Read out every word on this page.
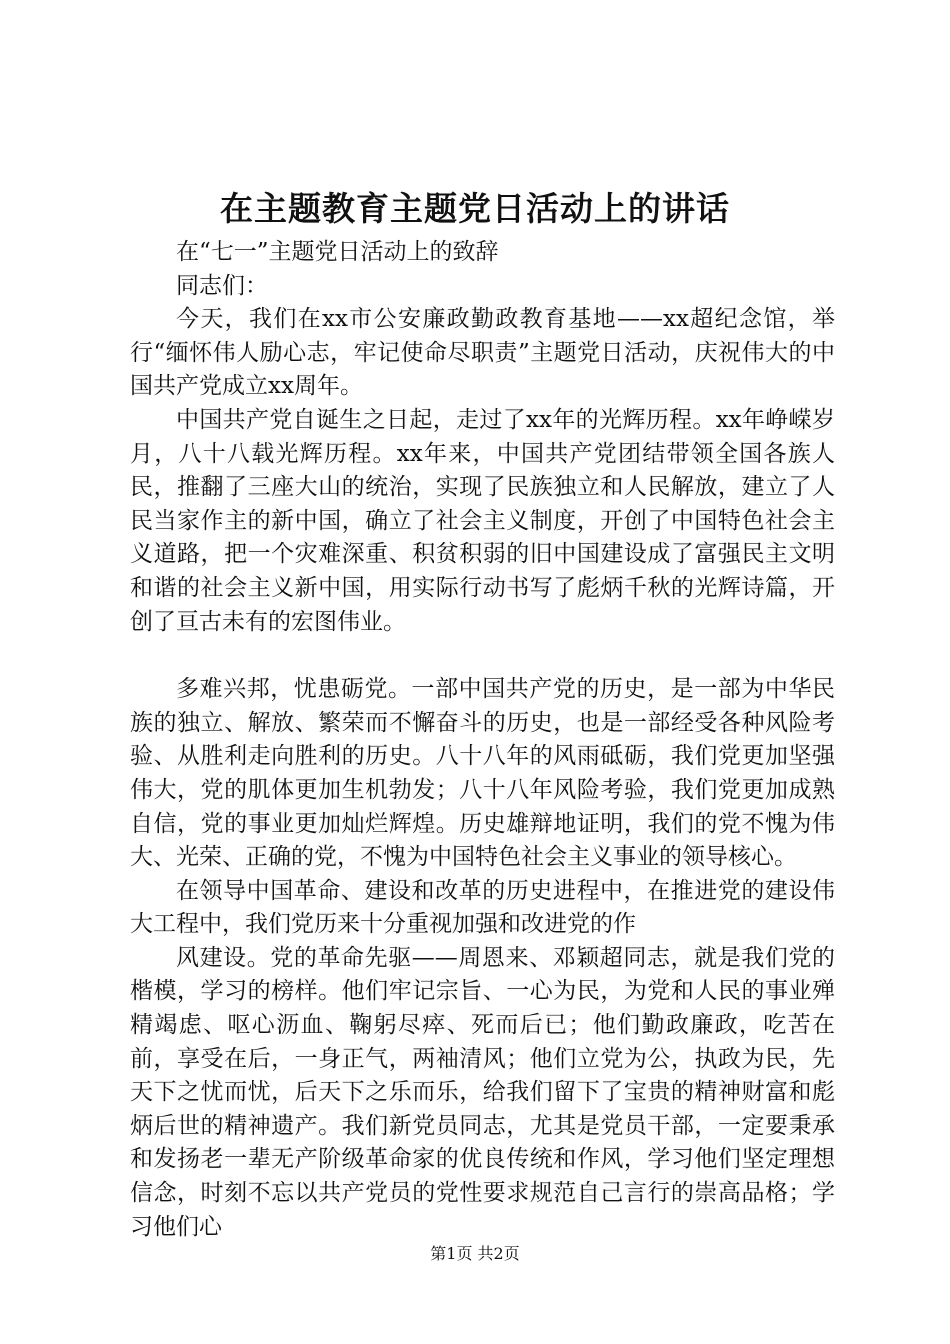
在主题教育主题党日活动上的讲话

在“七一”主题党日活动上的致辞

同志们：

今天，我们在xx市公安廉政勤政教育基地——xx超纪念馆，举行“缅怀伟人励心志，牢记使命尽职责”主题党日活动，庆祝伟大的中国共产党成立xx周年。

中国共产党自诞生之日起，走过了xx年的光辉历程。xx年峥嵘岁月，八十八载光辉历程。xx年来，中国共产党团结带领全国各族人民，推翻了三座大山的统治，实现了民族独立和人民解放，建立了人民当家作主的新中国，确立了社会主义制度，开创了中国特色社会主义道路，把一个灾难深重、积贫积弱的旧中国建设成了富强民主文明和谐的社会主义新中国，用实际行动书写了彪炳千秋的光辉诗篇，开创了亘古未有的宏图伟业。

多难兴邦，忧患砺党。一部中国共产党的历史，是一部为中华民族的独立、解放、繁荣而不懈奋斗的历史，也是一部经受各种风险考验、从胜利走向胜利的历史。八十八年的风雨砥砺，我们党更加坚强伟大，党的肌体更加生机勃发；八十八年风险考验，我们党更加成熟自信，党的事业更加灿烂辉煌。历史雄辩地证明，我们的党不愧为伟大、光荣、正确的党，不愧为中国特色社会主义事业的领导核心。

在领导中国革命、建设和改革的历史进程中，在推进党的建设伟大工程中，我们党历来十分重视加强和改进党的作

风建设。党的革命先驱——周恩来、邓颖超同志，就是我们党的楷模，学习的榜样。他们牢记宗旨、一心为民，为党和人民的事业殚精竭虑、呕心沥血、鞠躬尽瘁、死而后已；他们勤政廉政，吃苦在前，享受在后，一身正气，两袖清风；他们立党为公，执政为民，先天下之忧而忧，后天下之乐而乐，给我们留下了宝贵的精神财富和彪炳后世的精神遗产。我们新党员同志，尤其是党员干部，一定要秉承和发扬老一辈无产阶级革命家的优良传统和作风，学习他们坚定理想信念，时刻不忘以共产党员的党性要求规范自己言行的崇高品格；学习他们心

第1页 共2页
